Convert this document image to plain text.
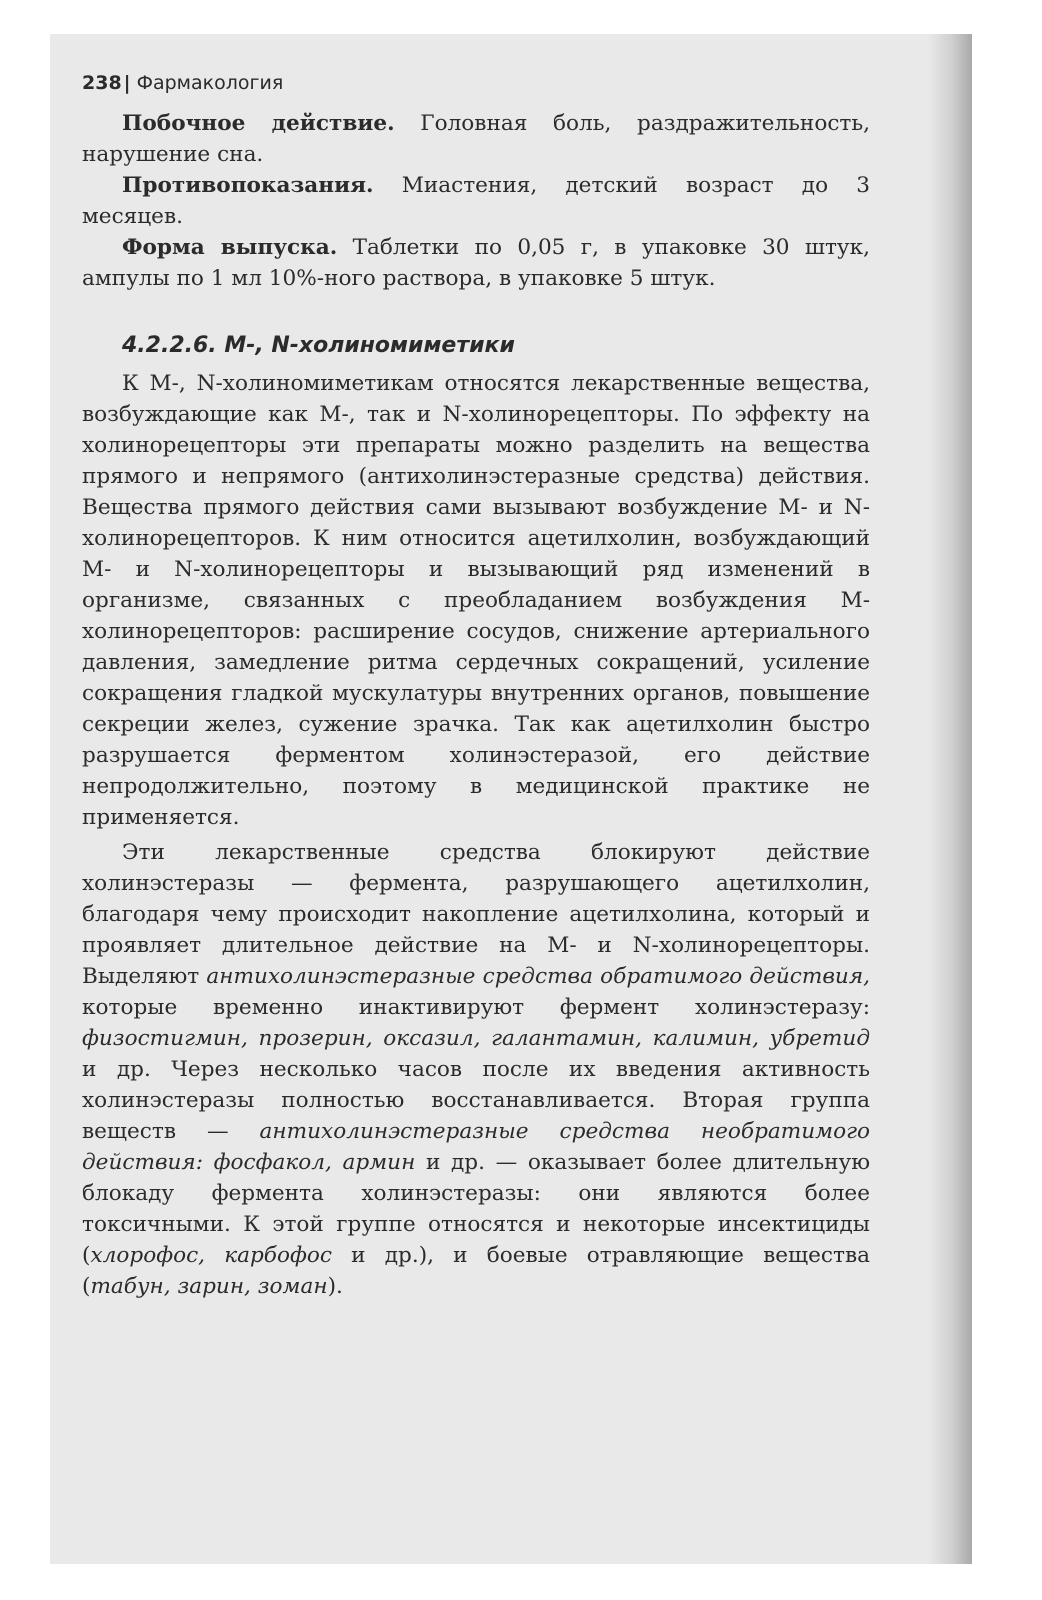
238 | Фармакология

Побочное действие. Головная боль, раздражительность, нарушение сна.

Противопоказания. Миастения, детский возраст до 3 месяцев.

Форма выпуска. Таблетки по 0,05 г, в упаковке 30 штук, ампулы по 1 мл 10%-ного раствора, в упаковке 5 штук.

4.2.2.6. М-, N-холиномиметики

К М-, N-холиномиметикам относятся лекарственные вещества, возбуждающие как М-, так и N-холинорецепторы. По эффекту на холинорецепторы эти препараты можно разделить на вещества прямого и непрямого (антихолинэстеразные средства) действия. Вещества прямого действия сами вызывают возбуждение М- и N-холинорецепторов. К ним относится ацетилхолин, возбуждающий М- и N-холинорецепторы и вызывающий ряд изменений в организме, связанных с преобладанием возбуждения М-холинорецепторов: расширение сосудов, снижение артериального давления, замедление ритма сердечных сокращений, усиление сокращения гладкой мускулатуры внутренних органов, повышение секреции желез, сужение зрачка. Так как ацетилхолин быстро разрушается ферментом холинэстеразой, его действие непродолжительно, поэтому в медицинской практике не применяется.

Эти лекарственные средства блокируют действие холинэстеразы — фермента, разрушающего ацетилхолин, благодаря чему происходит накопление ацетилхолина, который и проявляет длительное действие на М- и N-холинорецепторы. Выделяют антихолинэстеразные средства обратимого действия, которые временно инактивируют фермент холинэстеразу: физостигмин, прозерин, оксазил, галантамин, калимин, убретид и др. Через несколько часов после их введения активность холинэстеразы полностью восстанавливается. Вторая группа веществ — антихолинэстеразные средства необратимого действия: фосфакол, армин и др. — оказывает более длительную блокаду фермента холинэстеразы: они являются более токсичными. К этой группе относятся и некоторые инсектициды (хлорофос, карбофос и др.), и боевые отравляющие вещества (табун, зарин, зоман).
